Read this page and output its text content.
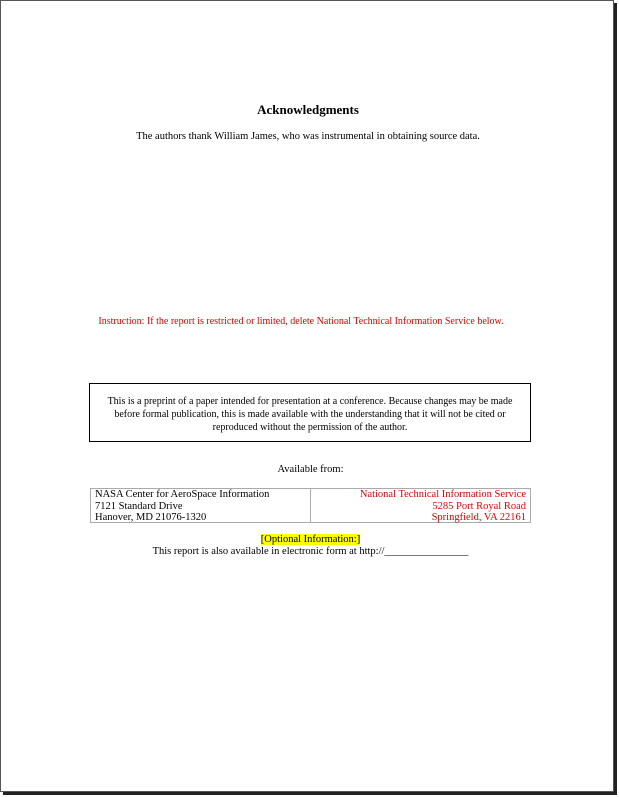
Acknowledgments
The authors thank William James, who was instrumental in obtaining source data.
Instruction: If the report is restricted or limited, delete National Technical Information Service below.
This is a preprint of a paper intended for presentation at a conference. Because changes may be made
before formal publication, this is made available with the understanding that it will not be cited or
reproduced without the permission of the author.
Available from:
NASA Center for AeroSpace Information
7121 Standard Drive
Hanover, MD 21076-1320
National Technical Information Service
5285 Port Royal Road
Springfield, VA 22161
[Optional Information:]
This report is also available in electronic form at http://________________
